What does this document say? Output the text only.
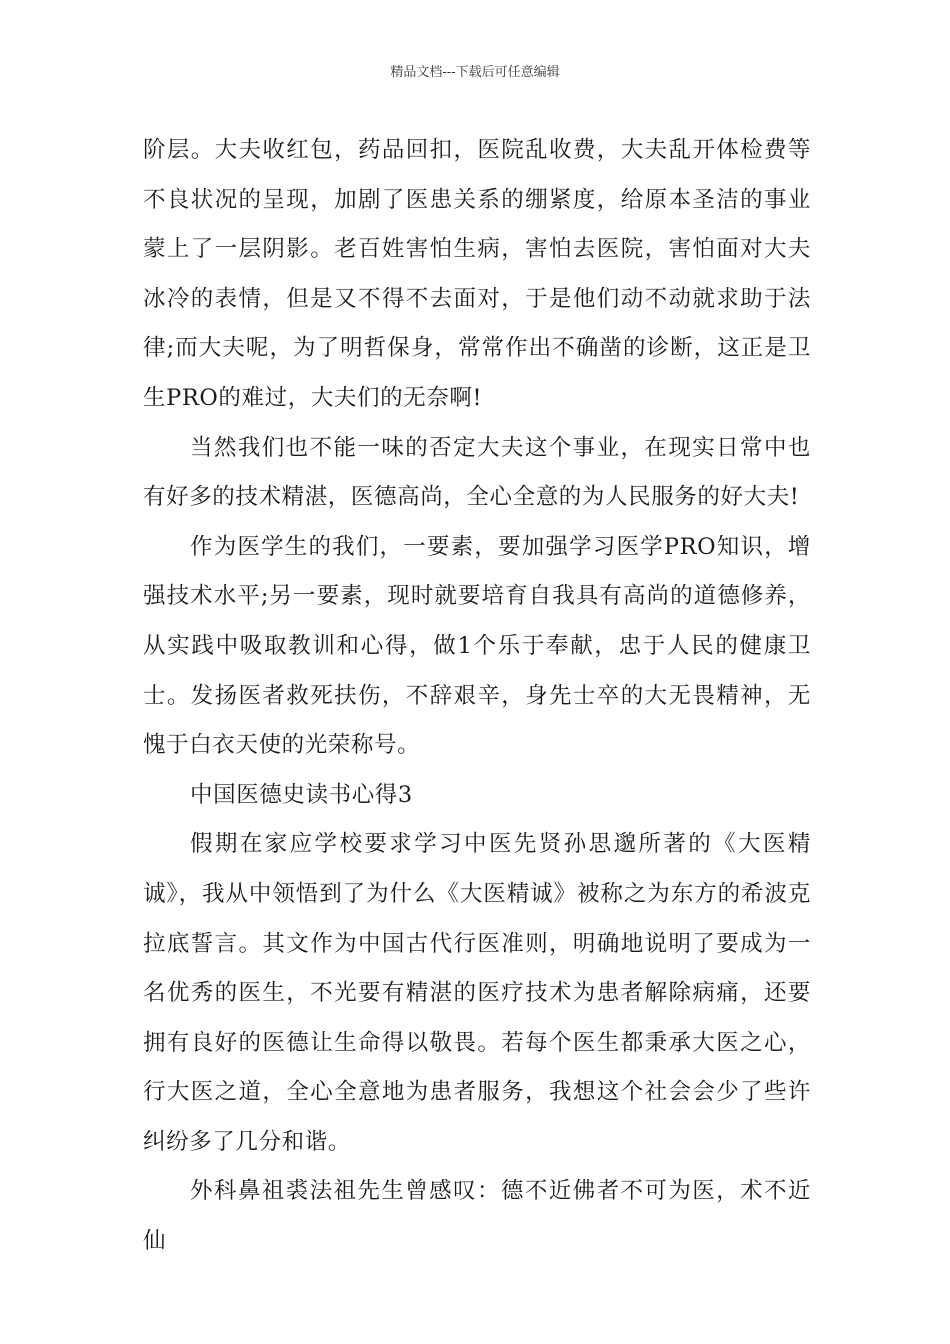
精品文档---下载后可任意编辑

阶层。大夫收红包，药品回扣，医院乱收费，大夫乱开体检费等不良状况的呈现，加剧了医患关系的绷紧度，给原本圣洁的事业蒙上了一层阴影。老百姓害怕生病，害怕去医院，害怕面对大夫冰冷的表情，但是又不得不去面对，于是他们动不动就求助于法律;而大夫呢，为了明哲保身，常常作出不确凿的诊断，这正是卫生PRO的难过，大夫们的无奈啊!

当然我们也不能一味的否定大夫这个事业，在现实日常中也有好多的技术精湛，医德高尚，全心全意的为人民服务的好大夫!

作为医学生的我们，一要素，要加强学习医学PRO知识，增强技术水平;另一要素，现时就要培育自我具有高尚的道德修养，从实践中吸取教训和心得，做1个乐于奉献，忠于人民的健康卫士。发扬医者救死扶伤，不辞艰辛，身先士卒的大无畏精神，无愧于白衣天使的光荣称号。

中国医德史读书心得3

假期在家应学校要求学习中医先贤孙思邈所著的《大医精诚》，我从中领悟到了为什么《大医精诚》被称之为东方的希波克拉底誓言。其文作为中国古代行医准则，明确地说明了要成为一名优秀的医生，不光要有精湛的医疗技术为患者解除病痛，还要拥有良好的医德让生命得以敬畏。若每个医生都秉承大医之心，行大医之道，全心全意地为患者服务，我想这个社会会少了些许纠纷多了几分和谐。

外科鼻祖裘法祖先生曾感叹：德不近佛者不可为医，术不近仙
